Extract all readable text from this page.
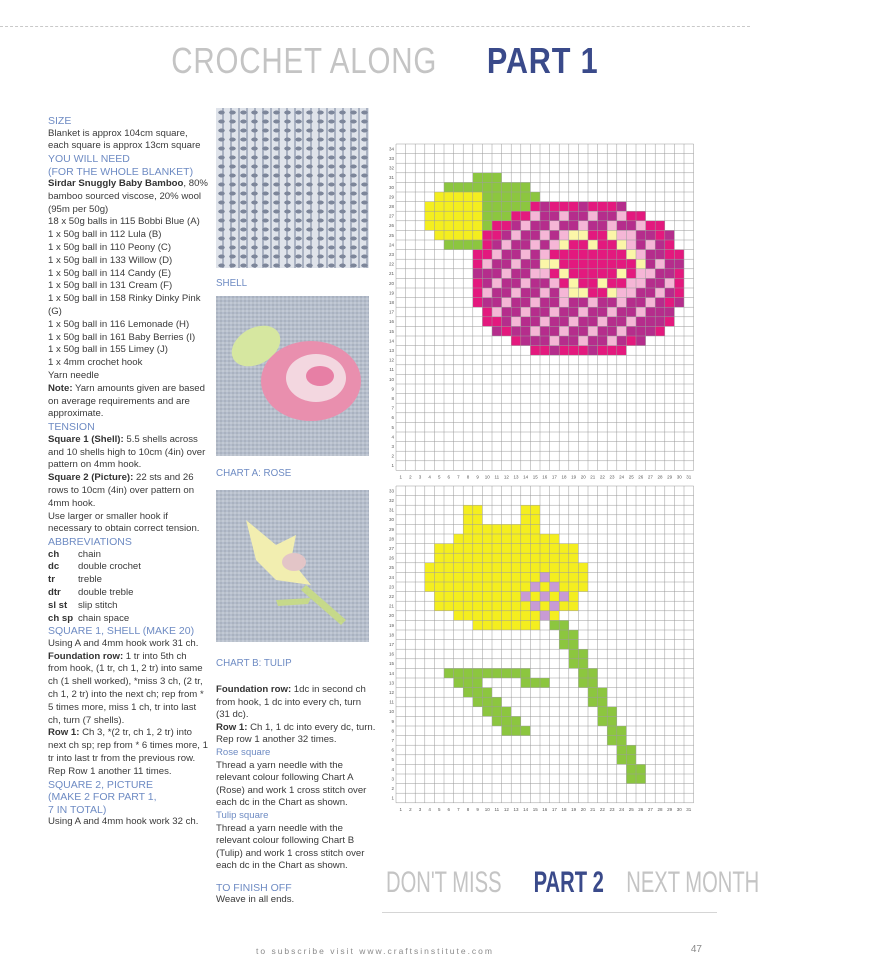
CROCHET ALONG PART 1

SIZE

Blanket is approx 104cm square, each square is approx 13cm square

YOU WILL NEED

(FOR THE WHOLE BLANKET)

Sirdar Snuggly Baby Bamboo, 80% bamboo sourced viscose, 20% wool (95m per 50g)

18 x 50g balls in 115 Bobbi Blue (A)

1 x 50g ball in 112 Lula (B)

1 x 50g ball in 110 Peony (C)

1 x 50g ball in 133 Willow (D)

1 x 50g ball in 114 Candy (E)

1 x 50g ball in 131 Cream (F)

1 x 50g ball in 158 Rinky Dinky Pink (G)

1 x 50g ball in 116 Lemonade (H)

1 x 50g ball in 161 Baby Berries (I)

1 x 50g ball in 155 Limey (J)

1 x 4mm crochet hook

Yarn needle

Note: Yarn amounts given are based on average requirements and are approximate.

TENSION

Square 1 (Shell): 5.5 shells across and 10 shells high to 10cm (4in) over pattern on 4mm hook.

Square 2 (Picture): 22 sts and 26 rows to 10cm (4in) over pattern on 4mm hook.

Use larger or smaller hook if necessary to obtain correct tension.

ABBREVIATIONS

ch	chain
dc	double crochet
tr	treble
dtr	double treble
sl st	slip stitch
ch sp chain space

SQUARE 1, SHELL (MAKE 20)

Using A and 4mm hook work 31 ch.

Foundation row: 1 tr into 5th ch from hook, (1 tr, ch 1, 2 tr) into same ch (1 shell worked), *miss 3 ch, (2 tr, ch 1, 2 tr) into the next ch; rep from * 5 times more, miss 1 ch, tr into last ch, turn (7 shells).

Row 1: Ch 3, *(2 tr, ch 1, 2 tr) into next ch sp; rep from * 6 times more, 1 tr into last tr from the previous row.

Rep Row 1 another 11 times.

SQUARE 2, PICTURE

(MAKE 2 FOR PART 1,

7 IN TOTAL)

Using A and 4mm hook work 32 ch.

SHELL
CHART A: ROSE
CHART B: TULIP

Foundation row: 1dc in second ch from hook, 1 dc into every ch, turn (31 dc).

Row 1: Ch 1, 1 dc into every dc, turn.

Rep row 1 another 32 times.

Rose square

Thread a yarn needle with the relevant colour following Chart A (Rose) and work 1 cross stitch over each dc in the Chart as shown.

Tulip square

Thread a yarn needle with the relevant colour following Chart B (Tulip) and work 1 cross stitch over each dc in the Chart as shown.

TO FINISH OFF

Weave in all ends.

1 2 3 4 5 6 7 8 9 10 11 12 13 14 15 16 17 18 19 20 21 22 23 24 25 26 27 28 29 30 31
1
2
3
4
5
6
7
8
9
10
11
12
13
14
15
16
17
18
19
20
21
22
23
24
25
26
27
28
29
30
31
32
33
34
1 2 3 4 5 6 7 8 9 10 11 12 13 14 15 16 17 18 19 20 21 22 23 24 25 26 27 28 29 30 31
1
2
3
4
5
6
7
8
9
10
11
12
13
14
15
16
17
18
19
20
21
22
23
24
25
26
27
28
29
30
31
32
33
DON'T MISS PART 2 NEXT MONTH
to subscribe visit www.craftsinstitute.com	47
